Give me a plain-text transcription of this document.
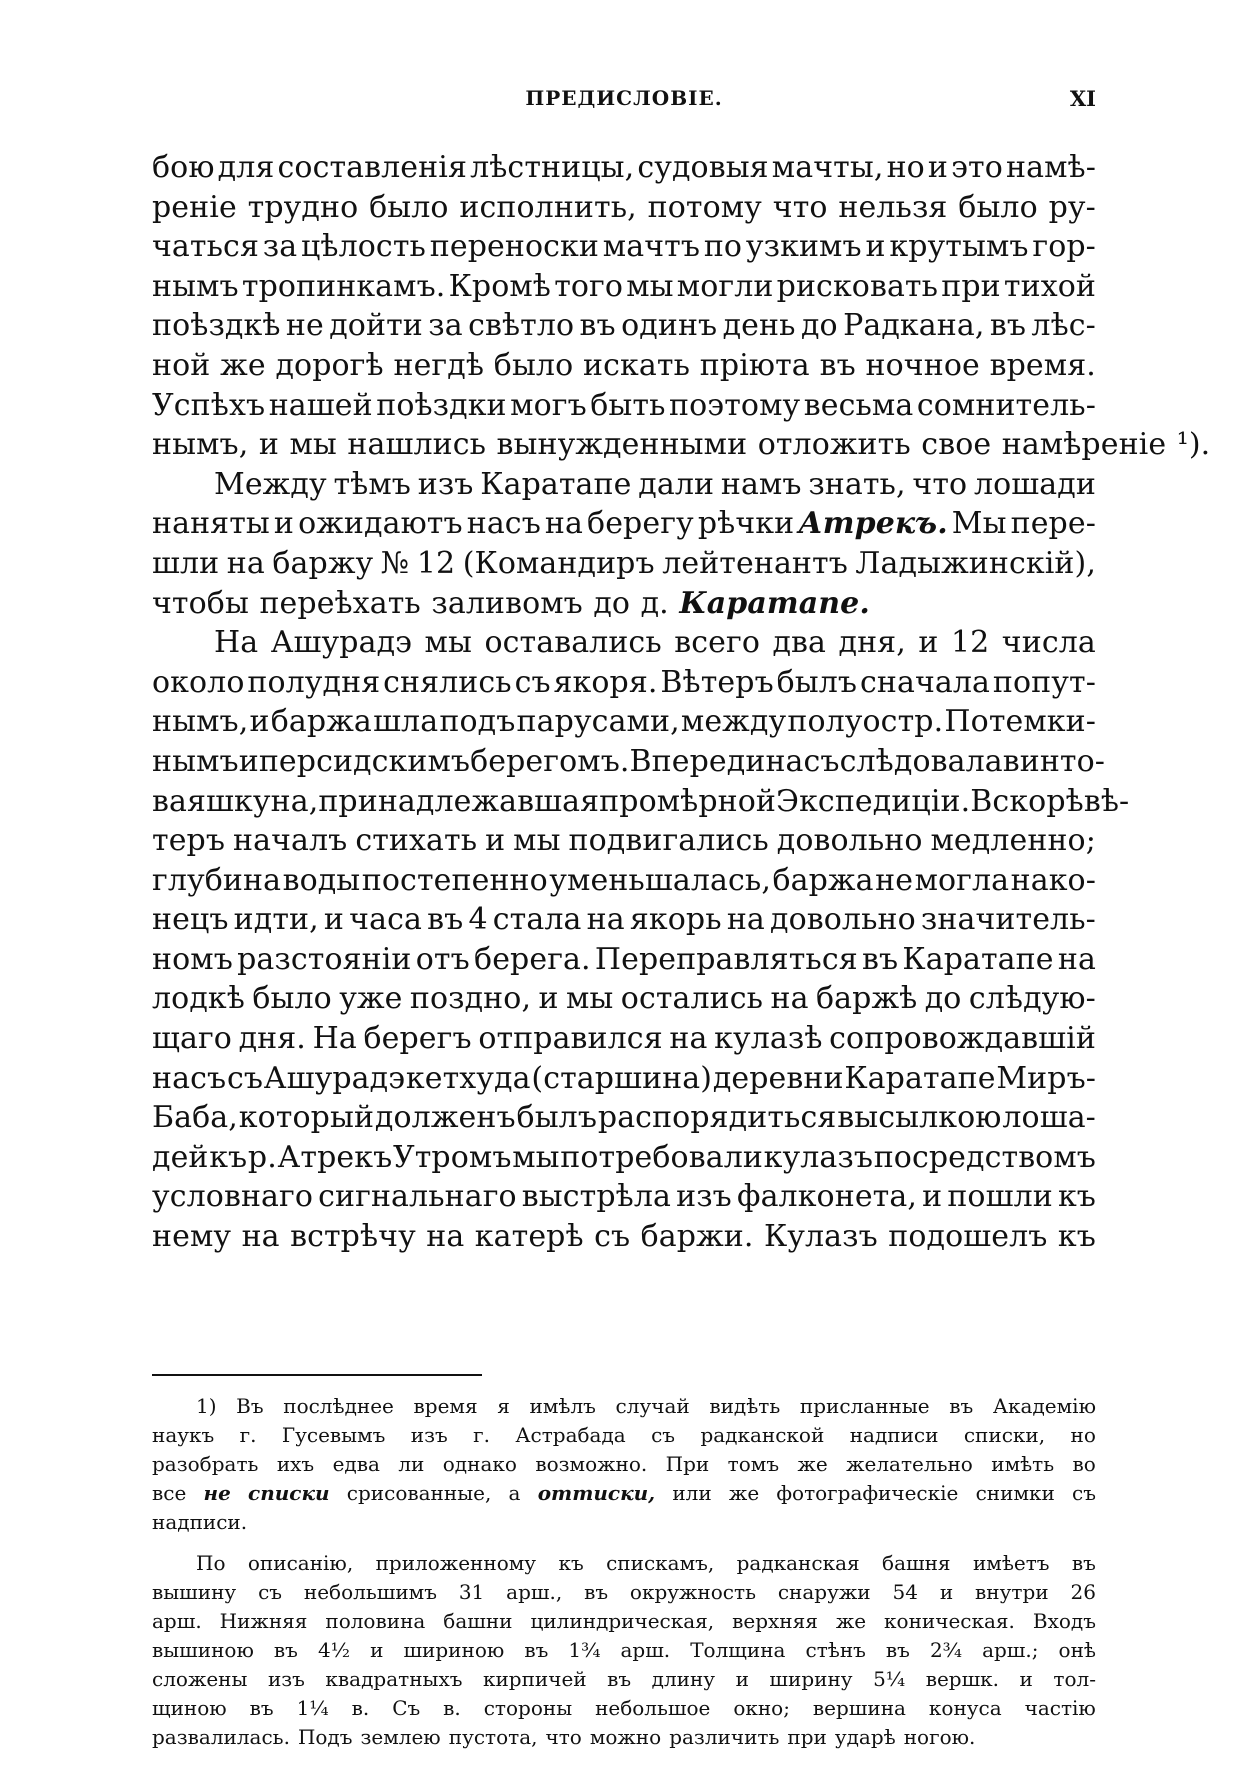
ПРЕДИСЛОВІЕ.	XI
бою для составленія лѣстницы, судовыя мачты, но и это намѣ-
реніе трудно было исполнить, потому что нельзя было ру-
чаться за цѣлость переноски мачтъ по узкимъ и крутымъ гор-
нымъ тропинкамъ. Кромѣ того мы могли рисковать при тихой
поѣздкѣ не дойти за свѣтло въ одинъ день до Радкана, въ лѣс-
ной же дорогѣ негдѣ было искать пріюта въ ночное время.
Успѣхъ нашей поѣздки могъ быть поэтому весьма сомнитель-
нымъ, и мы нашлись вынужденными отложить свое намѣреніе ¹).
Между тѣмъ изъ Каратапе дали намъ знать, что лошади
наняты и ожидаютъ насъ на берегу рѣчки Атрекъ. Мы пере-
шли на баржу № 12 (Командиръ лейтенантъ Ладыжинскій),
чтобы переѣхать заливомъ до д. Каратапе.
На Ашурадэ мы оставались всего два дня, и 12 числа
около полудня снялись съ якоря. Вѣтеръ былъ сначала попут-
нымъ, и баржа шла подъ парусами, между полуостр. Потемки-
нымъ и персидскимъ берегомъ. Впереди насъ слѣдовала винто-
вая шкуна, принадлежавшая промѣрной Экспедиціи. Вскорѣ вѣ-
теръ началъ стихать и мы подвигались довольно медленно;
глубина воды постепенно уменьшалась, баржа не могла нако-
нецъ идти, и часа въ 4 стала на якорь на довольно значитель-
номъ разстояніи отъ берега. Переправляться въ Каратапе на
лодкѣ было уже поздно, и мы остались на баржѣ до слѣдую-
щаго дня. На берегъ отправился на кулазѣ сопровождавшій
насъ съ Ашурадэ кетхуда (старшина) деревни Каратапе Миръ-
Баба, который долженъ былъ распорядиться высылкою лоша-
дей къ р. Атрекъ Утромъ мы потребовали кулазъ посредствомъ
условнаго сигнальнаго выстрѣла изъ фалконета, и пошли къ
нему на встрѣчу на катерѣ съ баржи. Кулазъ подошелъ къ
1) Въ послѣднее время я имѣлъ случай видѣть присланные въ Академію
наукъ г. Гусевымъ изъ г. Астрабада съ радканской надписи списки, но
разобрать ихъ едва ли однако возможно. При томъ же желательно имѣть во
все не списки срисованные, а оттиски, или же фотографическіе снимки съ
надписи.
По описанію, приложенному къ спискамъ, радканская башня имѣетъ въ
вышину съ небольшимъ 31 арш., въ окружность снаружи 54 и внутри 26
арш. Нижняя половина башни цилиндрическая, верхняя же коническая. Входъ
вышиною въ 4½ и шириною въ 1¾ арш. Толщина стѣнъ въ 2¾ арш.; онѣ
сложены изъ квадратныхъ кирпичей въ длину и ширину 5¼ вершк. и тол-
щиною въ 1¼ в. Съ в. стороны небольшое окно; вершина конуса частію
развалилась. Подъ землею пустота, что можно различить при ударѣ ногою.
